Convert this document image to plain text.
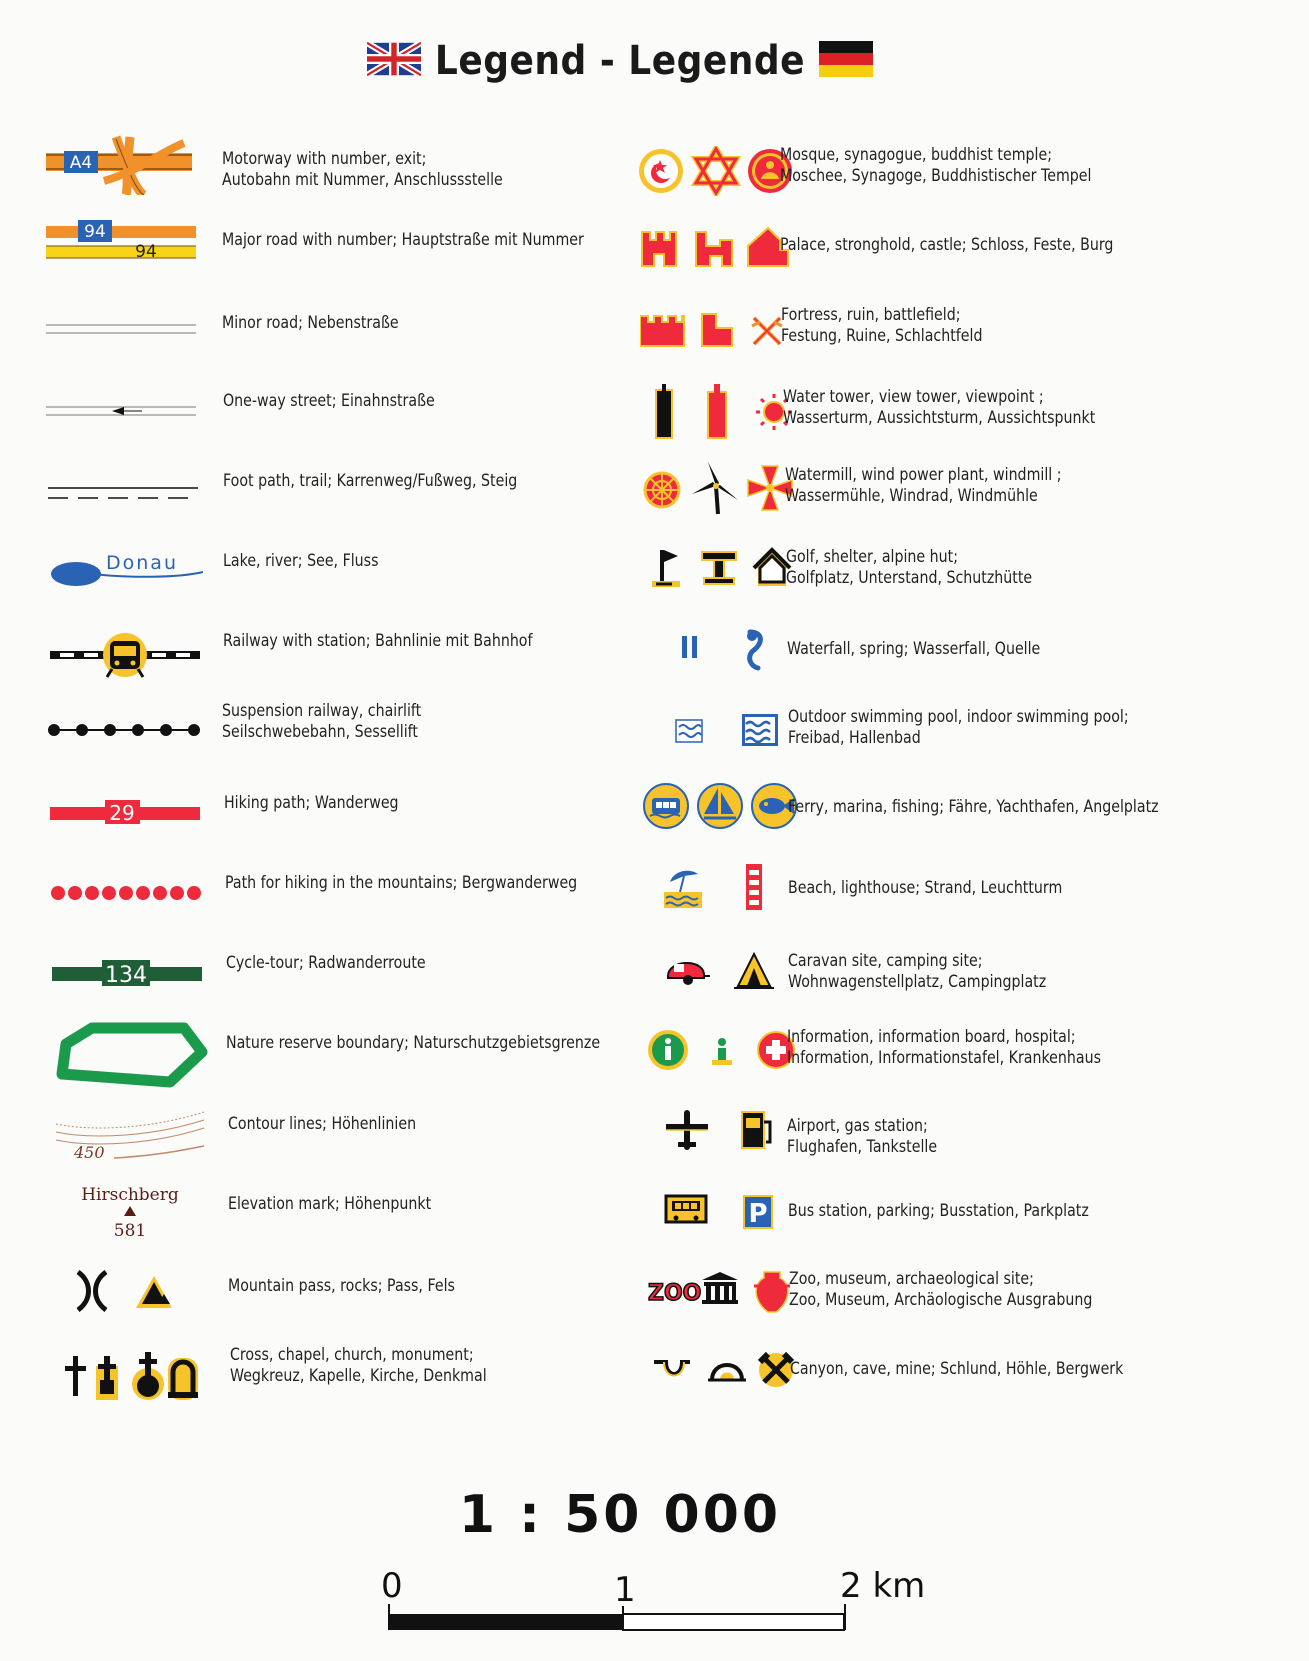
Legend - Legende
A4
94
94
Donau
29
134
450
Hirschberg
581
P
ZOO
Motorway with number, exit;
Autobahn mit Nummer, Anschlussstelle
Major road with number; Hauptstraße mit Nummer
Minor road; Nebenstraße
One-way street; Einahnstraße
Foot path, trail; Karrenweg/Fußweg, Steig
Lake, river; See, Fluss
Railway with station; Bahnlinie mit Bahnhof
Suspension railway, chairlift
Seilschwebebahn, Sessellift
Hiking path; Wanderweg
Path for hiking in the mountains; Bergwanderweg
Cycle-tour; Radwanderroute
Nature reserve boundary; Naturschutzgebietsgrenze
Contour lines; Höhenlinien
Elevation mark; Höhenpunkt
Mountain pass, rocks; Pass, Fels
Cross, chapel, church, monument;
Wegkreuz, Kapelle, Kirche, Denkmal
Mosque, synagogue, buddhist temple;
Moschee, Synagoge, Buddhistischer Tempel
Palace, stronghold, castle; Schloss, Feste, Burg
Fortress, ruin, battlefield;
Festung, Ruine, Schlachtfeld
Water tower, view tower, viewpoint ;
Wasserturm, Aussichtsturm, Aussichtspunkt
Watermill, wind power plant, windmill ;
Wassermühle, Windrad, Windmühle
Golf, shelter, alpine hut;
Golfplatz, Unterstand, Schutzhütte
Waterfall, spring; Wasserfall, Quelle
Outdoor swimming pool, indoor swimming pool;
Freibad, Hallenbad
Ferry, marina, fishing; Fähre, Yachthafen, Angelplatz
Beach, lighthouse; Strand, Leuchtturm
Caravan site, camping site;
Wohnwagenstellplatz, Campingplatz
Information, information board, hospital;
Information, Informationstafel, Krankenhaus
Airport, gas station;
Flughafen, Tankstelle
Bus station, parking; Busstation, Parkplatz
Zoo, museum, archaeological site;
Zoo, Museum, Archäologische Ausgrabung
Canyon, cave, mine; Schlund, Höhle, Bergwerk
1 : 50 000
0	1	2 km
